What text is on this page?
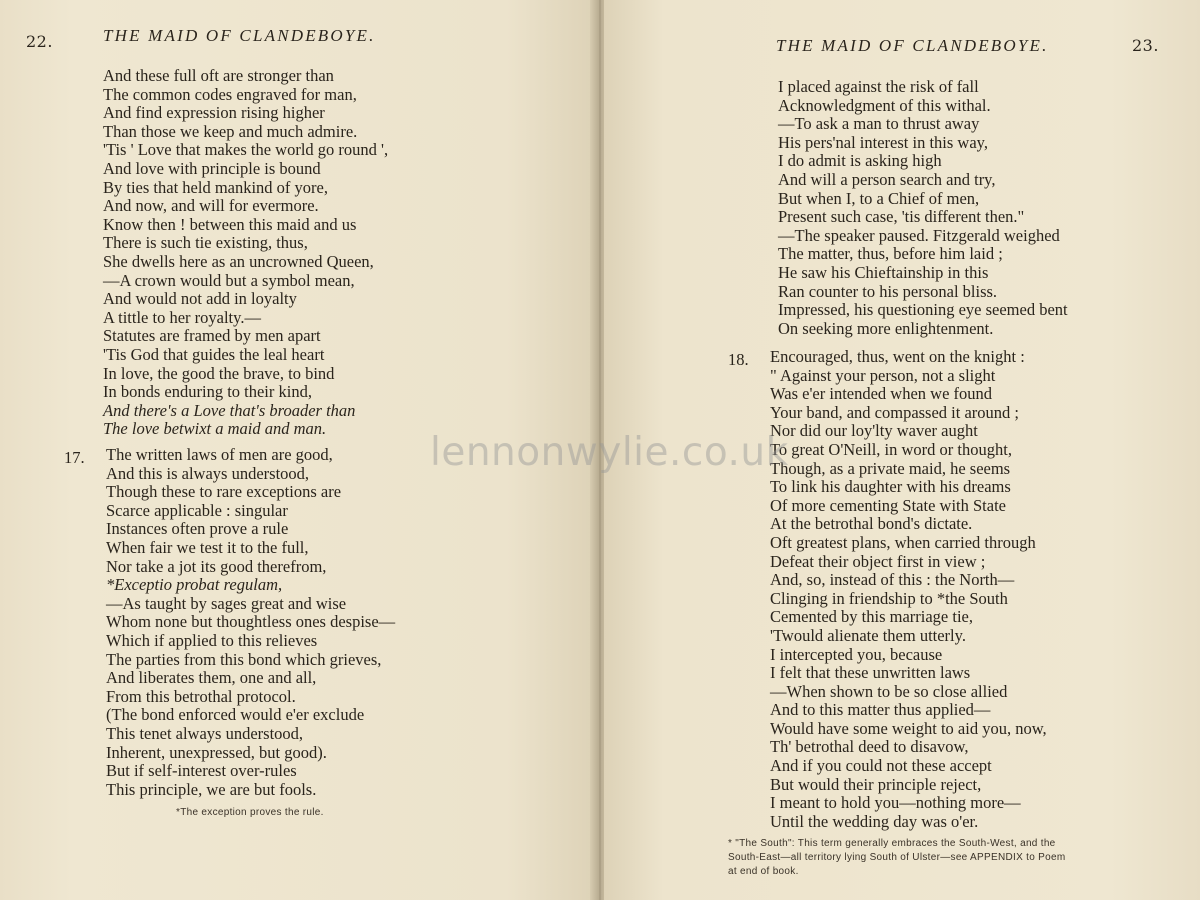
22.	THE MAID OF CLANDEBOYE.
And these full oft are stronger than
The common codes engraved for man,
And find expression rising higher
Than those we keep and much admire.
'Tis ' Love that makes the world go round ',
And love with principle is bound
By ties that held mankind of yore,
And now, and will for evermore.
Know then ! between this maid and us
There is such tie existing, thus,
She dwells here as an uncrowned Queen,
—A crown would but a symbol mean,
And would not add in loyalty
A tittle to her royalty.—
Statutes are framed by men apart
'Tis God that guides the leal heart
In love, the good the brave, to bind
In bonds enduring to their kind,
And there's a Love that's broader than
The love betwixt a maid and man.
17. The written laws of men are good,
And this is always understood,
Though these to rare exceptions are
Scarce applicable : singular
Instances often prove a rule
When fair we test it to the full,
Nor take a jot its good therefrom,
*Exceptio probat regulam,
—As taught by sages great and wise
Whom none but thoughtless ones despise—
Which if applied to this relieves
The parties from this bond which grieves,
And liberates them, one and all,
From this betrothal protocol.
(The bond enforced would e'er exclude
This tenet always understood,
Inherent, unexpressed, but good).
But if self-interest over-rules
This principle, we are but fools.
*The exception proves the rule.
THE MAID OF CLANDEBOYE.	23.
I placed against the risk of fall
Acknowledgment of this withal.
—To ask a man to thrust away
His pers'nal interest in this way,
I do admit is asking high
And will a person search and try,
But when I, to a Chief of men,
Present such case, 'tis different then."
—The speaker paused. Fitzgerald weighed
The matter, thus, before him laid ;
He saw his Chieftainship in this
Ran counter to his personal bliss.
Impressed, his questioning eye seemed bent
On seeking more enlightenment.
18. Encouraged, thus, went on the knight :
" Against your person, not a slight
Was e'er intended when we found
Your band, and compassed it around ;
Nor did our loy'lty waver aught
To great O'Neill, in word or thought,
Though, as a private maid, he seems
To link his daughter with his dreams
Of more cementing State with State
At the betrothal bond's dictate.
Oft greatest plans, when carried through
Defeat their object first in view ;
And, so, instead of this : the North—
Clinging in friendship to *the South
Cemented by this marriage tie,
'Twould alienate them utterly.
I intercepted you, because
I felt that these unwritten laws
—When shown to be so close allied
And to this matter thus applied—
Would have some weight to aid you, now,
Th' betrothal deed to disavow,
And if you could not these accept
But would their principle reject,
I meant to hold you—nothing more—
Until the wedding day was o'er.
* "The South": This term generally embraces the South-West, and the
South-East—all territory lying South of Ulster—see APPENDIX to Poem
at end of book.
lennonwylie.co.uk
